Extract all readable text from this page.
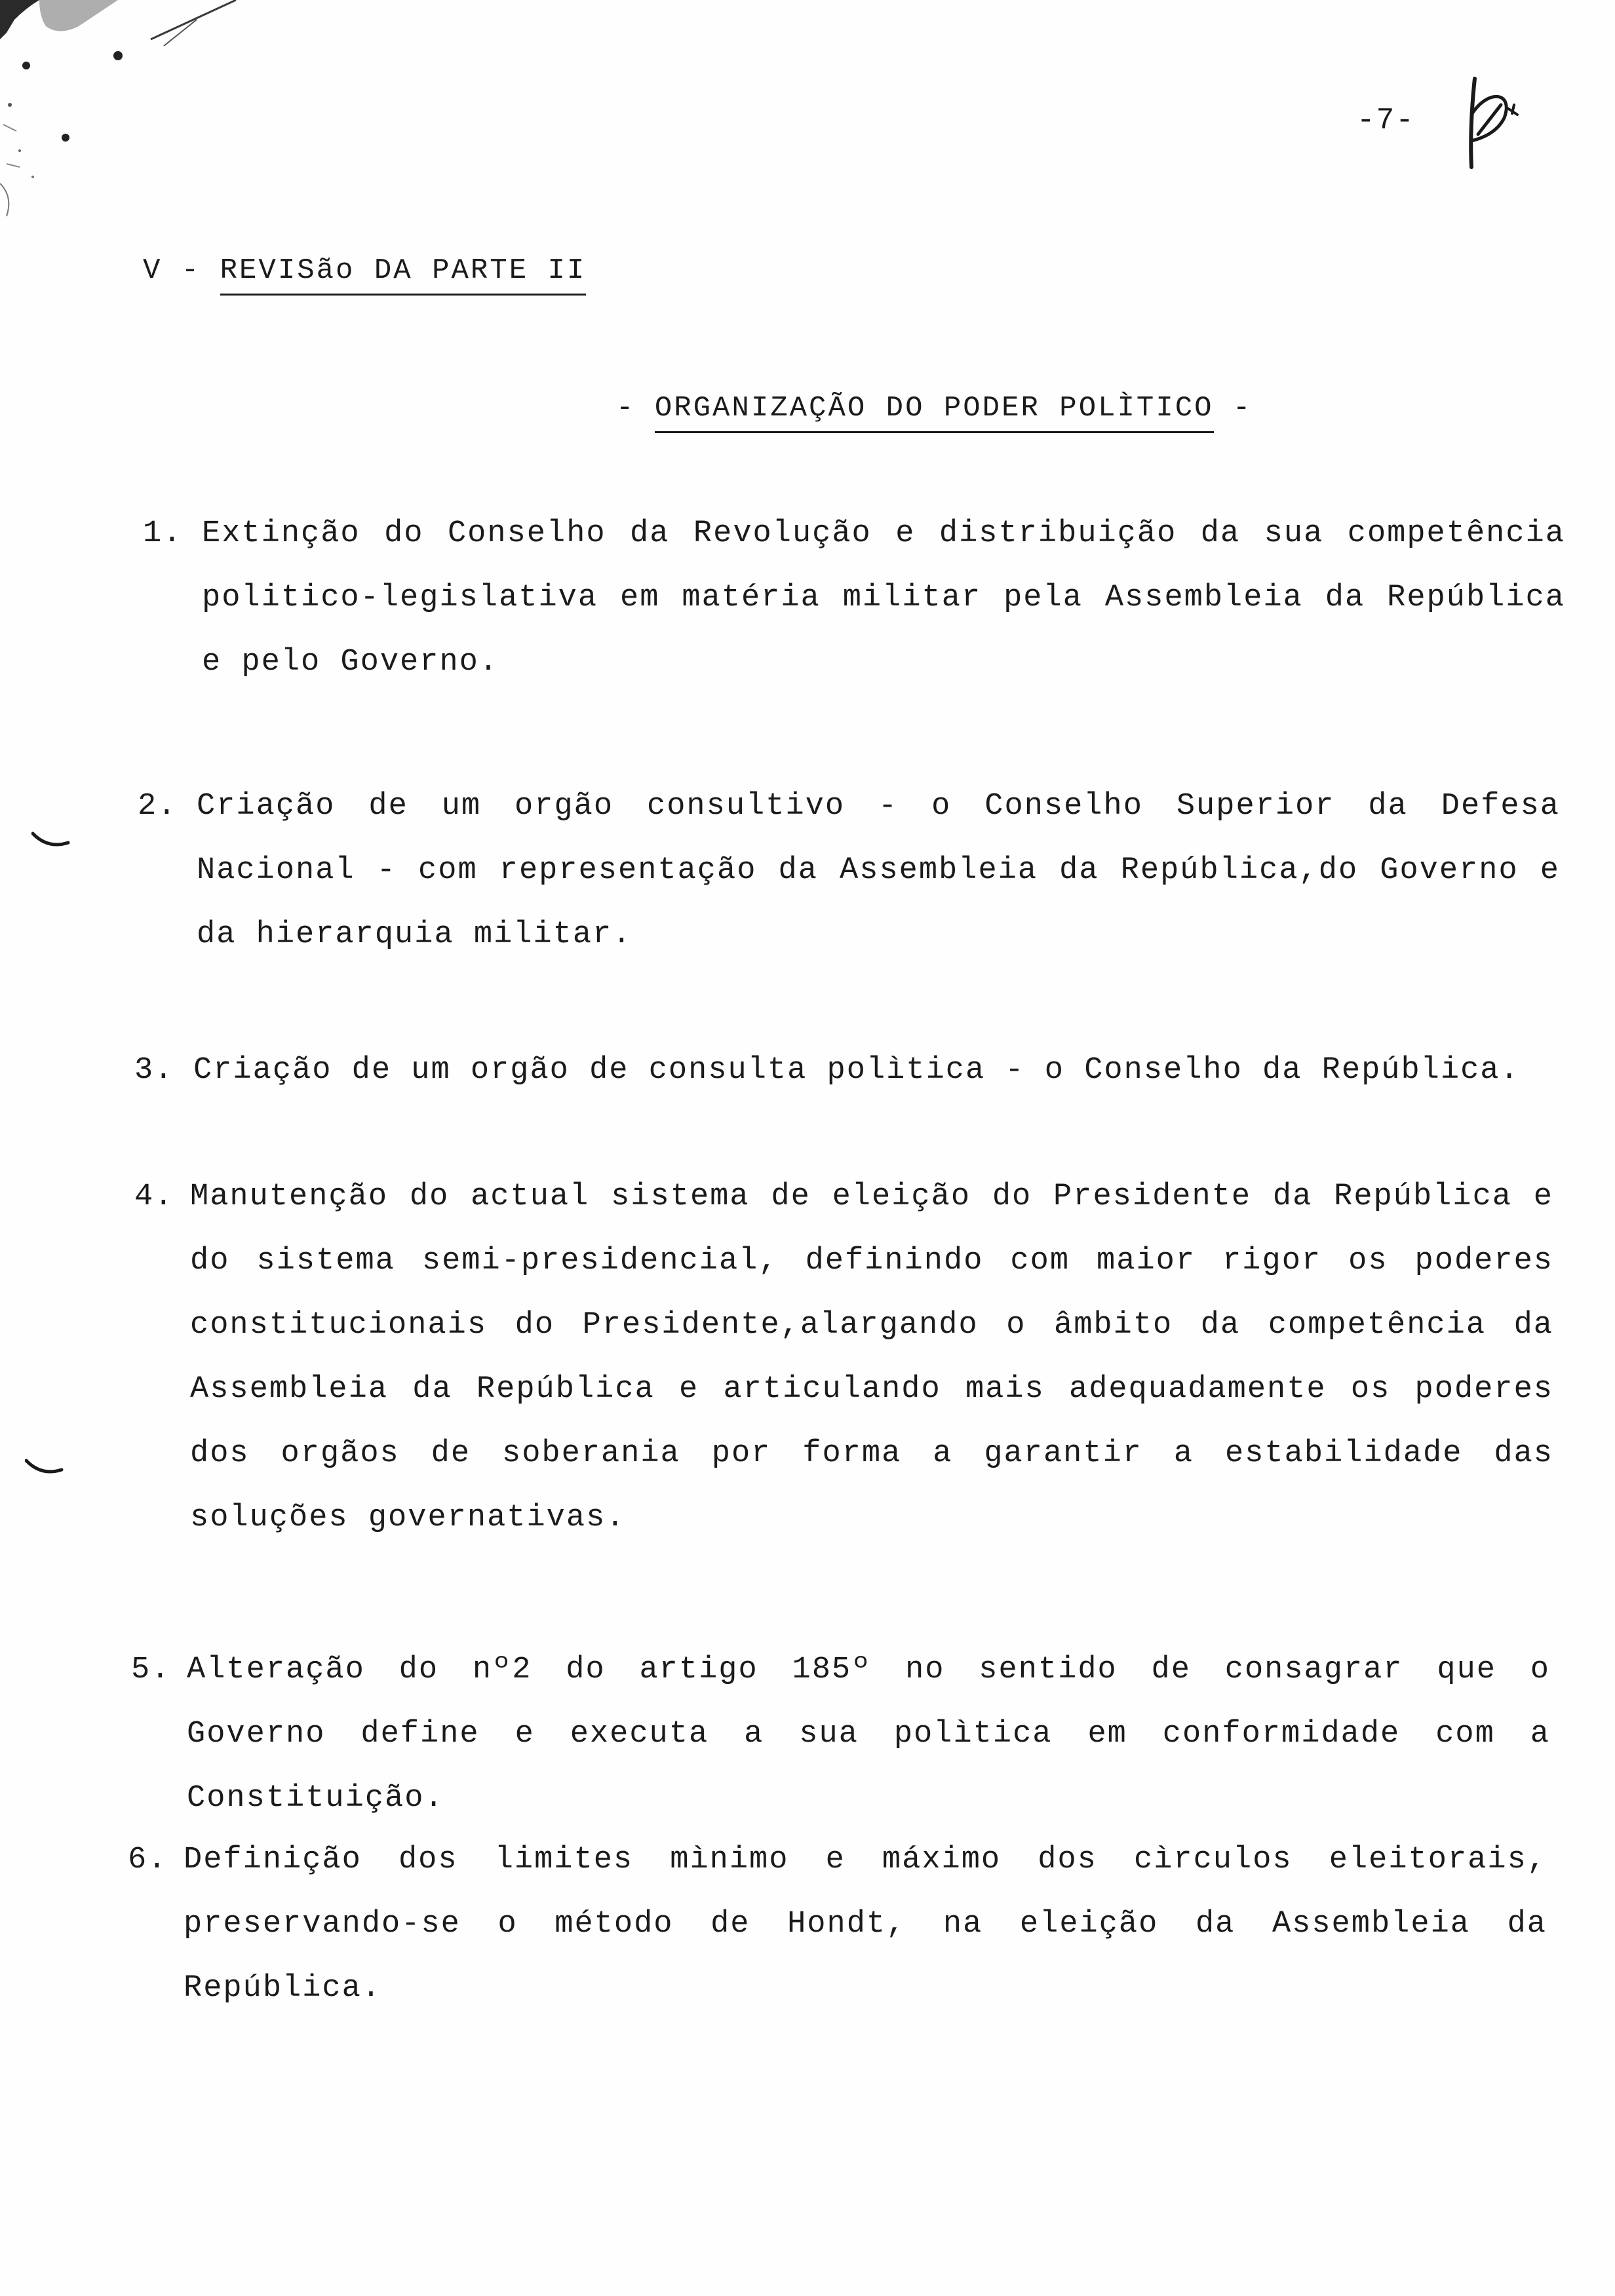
-7-
V - REVISão DA PARTE II
- ORGANIZAÇÃO DO PODER POLÌTICO -
1. Extinção do Conselho da Revolução e distribuição da sua competência politico-legislativa em matéria militar pela Assembleia da República e pelo Governo.
2. Criação de um orgão consultivo - o Conselho Superior da Defesa Nacional - com representação da Assembleia da República,do Governo e da hierarquia militar.
3. Criação de um orgão de consulta polìtica - o Conselho da República.
4. Manutenção do actual sistema de eleição do Presidente da República e do sistema semi-presidencial, definindo com maior rigor os poderes constitucionais do Presidente,alargando o âmbito da competência da Assembleia da República e articulando mais adequadamente os poderes dos orgãos de soberania por forma a garantir a estabilidade das soluções governativas.
5. Alteração do nº2 do artigo 185º no sentido de consagrar que o Governo define e executa a sua polìtica em conformidade com a Constituição.
6. Definição dos limites mìnimo e máximo dos cìrculos eleitorais, preservando-se o método de Hondt, na eleição da Assembleia da República.
